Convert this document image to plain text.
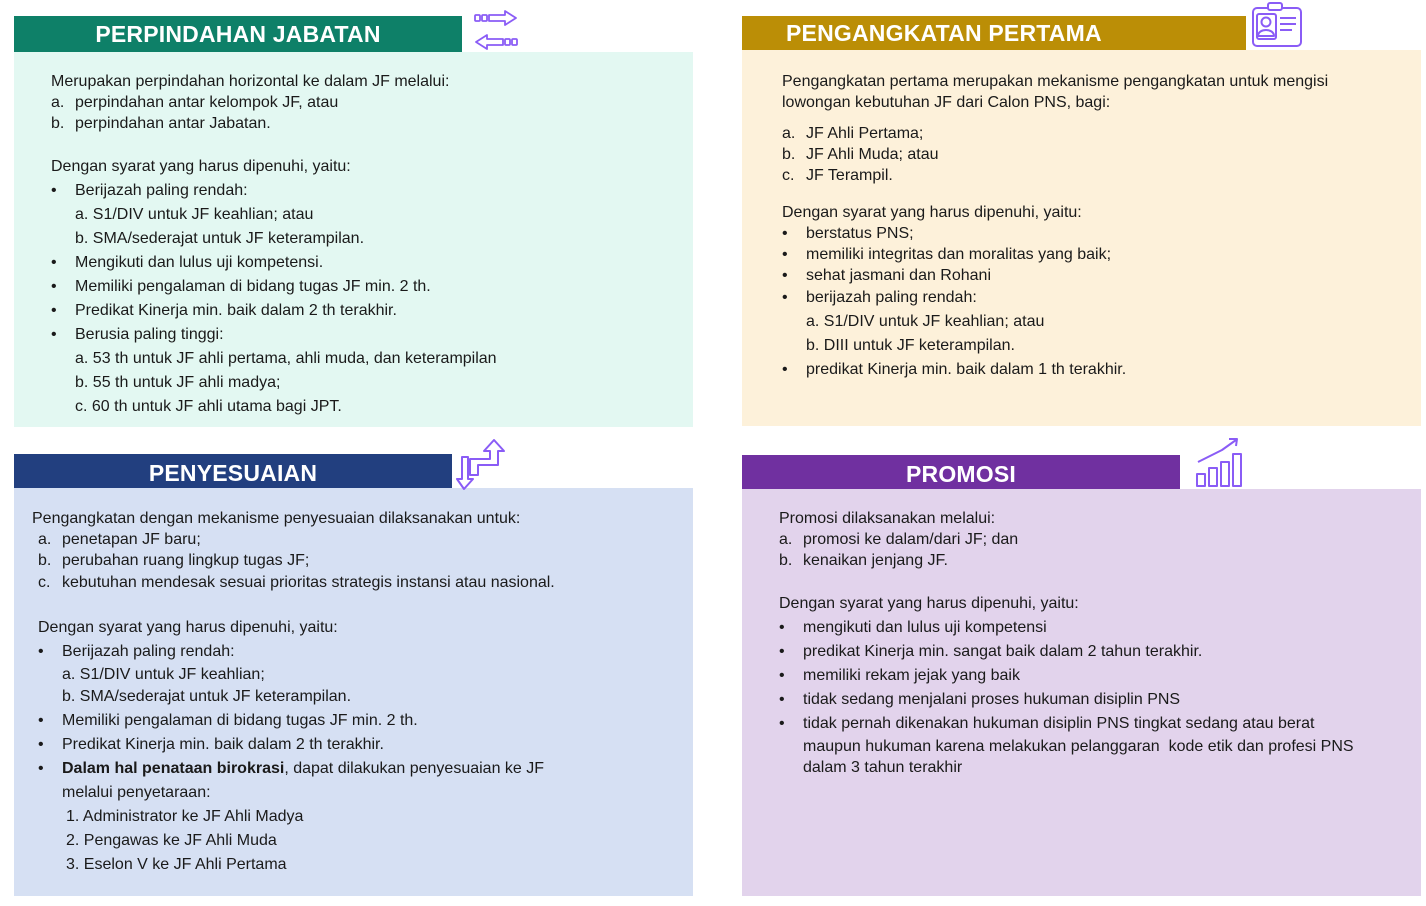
PERPINDAHAN JABATAN
Merupakan perpindahan horizontal ke dalam JF melalui:
a. perpindahan antar kelompok JF, atau
b. perpindahan antar Jabatan.
Dengan syarat yang harus dipenuhi, yaitu:
•Berijazah paling rendah:
a. S1/DIV untuk JF keahlian; atau
b. SMA/sederajat untuk JF keterampilan.
•Mengikuti dan lulus uji kompetensi.
•Memiliki pengalaman di bidang tugas JF min. 2 th.
•Predikat Kinerja min. baik dalam 2 th terakhir.
•Berusia paling tinggi:
a. 53 th untuk JF ahli pertama, ahli muda, dan keterampilan
b. 55 th untuk JF ahli madya;
c. 60 th untuk JF ahli utama bagi JPT.
PENGANGKATAN PERTAMA
Pengangkatan pertama merupakan mekanisme pengangkatan untuk mengisi
lowongan kebutuhan JF dari Calon PNS, bagi:
a. JF Ahli Pertama;
b. JF Ahli Muda; atau
c. JF Terampil.
Dengan syarat yang harus dipenuhi, yaitu:
•berstatus PNS;
•memiliki integritas dan moralitas yang baik;
•sehat jasmani dan Rohani
•berijazah paling rendah:
a. S1/DIV untuk JF keahlian; atau
b. DIII untuk JF keterampilan.
•predikat Kinerja min. baik dalam 1 th terakhir.
PENYESUAIAN
Pengangkatan dengan mekanisme penyesuaian dilaksanakan untuk:
a. penetapan JF baru;
b. perubahan ruang lingkup tugas JF;
c. kebutuhan mendesak sesuai prioritas strategis instansi atau nasional.
Dengan syarat yang harus dipenuhi, yaitu:
•Berijazah paling rendah:
a. S1/DIV untuk JF keahlian;
b. SMA/sederajat untuk JF keterampilan.
•Memiliki pengalaman di bidang tugas JF min. 2 th.
•Predikat Kinerja min. baik dalam 2 th terakhir.
•Dalam hal penataan birokrasi, dapat dilakukan penyesuaian ke JF
melalui penyetaraan:
1. Administrator ke JF Ahli Madya
2. Pengawas ke JF Ahli Muda
3. Eselon V ke JF Ahli Pertama
PROMOSI
Promosi dilaksanakan melalui:
a. promosi ke dalam/dari JF; dan
b. kenaikan jenjang JF.
Dengan syarat yang harus dipenuhi, yaitu:
•mengikuti dan lulus uji kompetensi
•predikat Kinerja min. sangat baik dalam 2 tahun terakhir.
•memiliki rekam jejak yang baik
•tidak sedang menjalani proses hukuman disiplin PNS
•tidak pernah dikenakan hukuman disiplin PNS tingkat sedang atau berat
maupun hukuman karena melakukan pelanggaran  kode etik dan profesi PNS
dalam 3 tahun terakhir
